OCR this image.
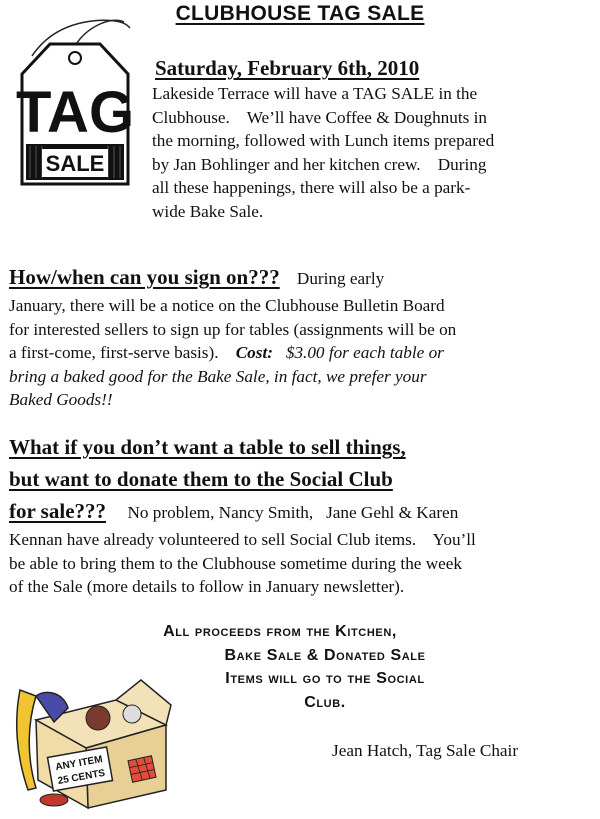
CLUBHOUSE TAG SALE
TAG
SALE
Saturday, February 6th, 2010
Lakeside Terrace will have a TAG SALE in the
Clubhouse.    We’ll have Coffee & Doughnuts in
the morning, followed with Lunch items prepared
by Jan Bohlinger and her kitchen crew.    During
all these happenings, there will also be a park-
wide Bake Sale.
How/when can you sign on??? During early
January, there will be a notice on the Clubhouse Bulletin Board
for interested sellers to sign up for tables (assignments will be on
a first-come, first-serve basis). Cost: $3.00 for each table or
bring a baked good for the Bake Sale, in fact, we prefer your
Baked Goods!!
What if you don’t want a table to sell things,
but want to donate them to the Social Club
for sale??? No problem, Nancy Smith,   Jane Gehl & Karen
Kennan have already volunteered to sell Social Club items.    You’ll
be able to bring them to the Clubhouse sometime during the week
of the Sale (more details to follow in January newsletter).
All proceeds from the Kitchen,
Bake Sale & Donated Sale
Items will go to the Social
Club.
ANY ITEM
25 CENTS
Jean Hatch, Tag Sale Chair
